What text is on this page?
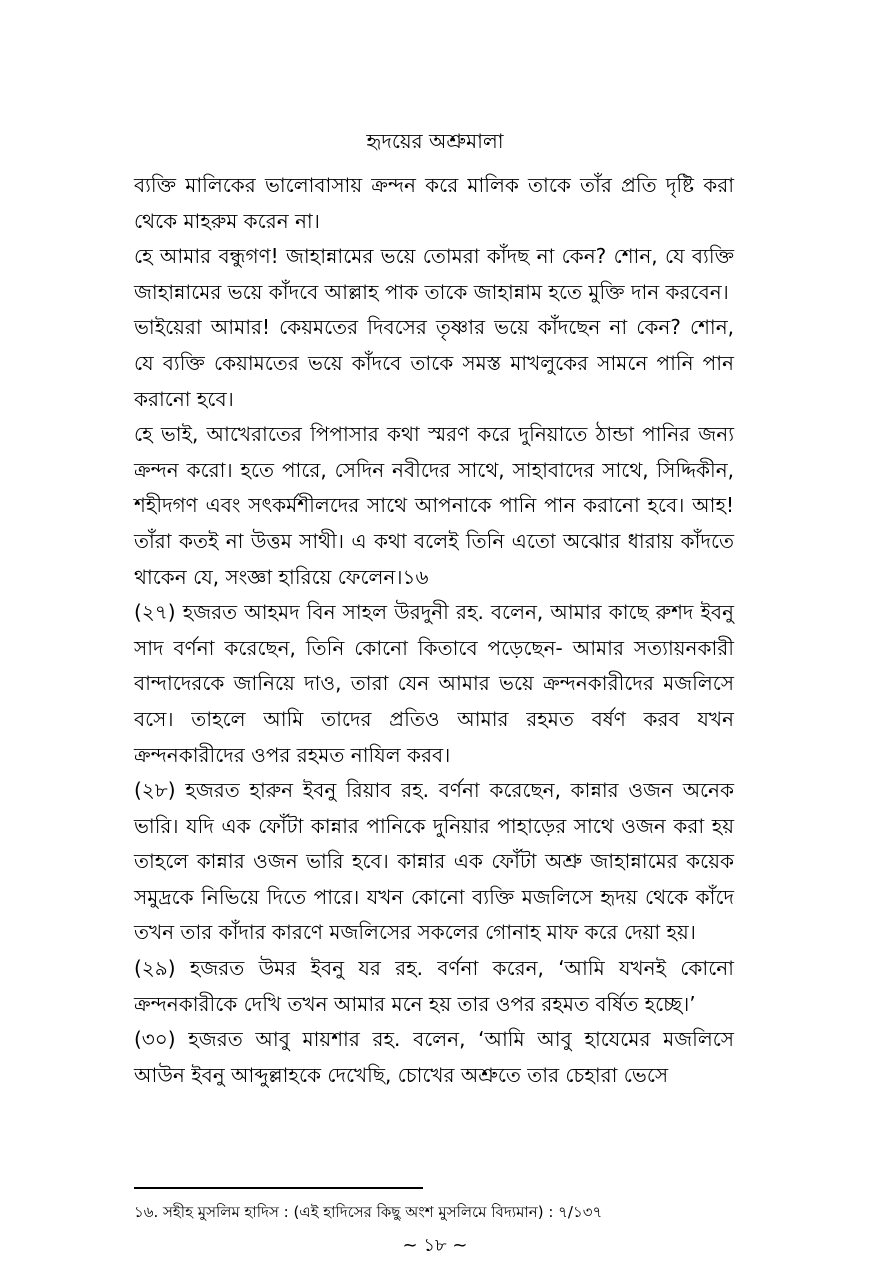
হৃদয়ের অশ্রুমালা

ব্যক্তি মালিকের ভালোবাসায় ক্রন্দন করে মালিক তাকে তাঁর প্রতি দৃষ্টি করা থেকে মাহরুম করেন না।

হে আমার বন্ধুগণ! জাহান্নামের ভয়ে তোমরা কাঁদছ না কেন? শোন, যে ব্যক্তি জাহান্নামের ভয়ে কাঁদবে আল্লাহ পাক তাকে জাহান্নাম হতে মুক্তি দান করবেন।

ভাইয়েরা আমার! কেয়মতের দিবসের তৃষ্ণার ভয়ে কাঁদছেন না কেন? শোন, যে ব্যক্তি কেয়ামতের ভয়ে কাঁদবে তাকে সমস্ত মাখলুকের সামনে পানি পান করানো হবে।

হে ভাই, আখেরাতের পিপাসার কথা স্মরণ করে দুনিয়াতে ঠান্ডা পানির জন্য ক্রন্দন করো। হতে পারে, সেদিন নবীদের সাথে, সাহাবাদের সাথে, সিদ্দিকীন, শহীদগণ এবং সৎকর্মশীলদের সাথে আপনাকে পানি পান করানো হবে। আহ! তাঁরা কতই না উত্তম সাথী। এ কথা বলেই তিনি এতো অঝোর ধারায় কাঁদতে থাকেন যে, সংজ্ঞা হারিয়ে ফেলেন।১৬

(২৭) হজরত আহমদ বিন সাহল উরদুনী রহ. বলেন, আমার কাছে রুশদ ইবনু সাদ বর্ণনা করেছেন, তিনি কোনো কিতাবে পড়েছেন- আমার সত্যায়নকারী বান্দাদেরকে জানিয়ে দাও, তারা যেন আমার ভয়ে ক্রন্দনকারীদের মজলিসে বসে। তাহলে আমি তাদের প্রতিও আমার রহমত বর্ষণ করব যখন ক্রন্দনকারীদের ওপর রহমত নাযিল করব।

(২৮) হজরত হারুন ইবনু রিয়াব রহ. বর্ণনা করেছেন, কান্নার ওজন অনেক ভারি। যদি এক ফোঁটা কান্নার পানিকে দুনিয়ার পাহাড়ের সাথে ওজন করা হয় তাহলে কান্নার ওজন ভারি হবে। কান্নার এক ফোঁটা অশ্রু জাহান্নামের কয়েক সমুদ্রকে নিভিয়ে দিতে পারে। যখন কোনো ব্যক্তি মজলিসে হৃদয় থেকে কাঁদে তখন তার কাঁদার কারণে মজলিসের সকলের গোনাহ মাফ করে দেয়া হয়।

(২৯) হজরত উমর ইবনু যর রহ. বর্ণনা করেন, ‘আমি যখনই কোনো ক্রন্দনকারীকে দেখি তখন আমার মনে হয় তার ওপর রহমত বর্ষিত হচ্ছে।’

(৩০) হজরত আবু মায়শার রহ. বলেন, ‘আমি আবু হাযেমের মজলিসে আউন ইবনু আব্দুল্লাহকে দেখেছি, চোখের অশ্রুতে তার চেহারা ভেসে

১৬. সহীহ মুসলিম হাদিস : (এই হাদিসের কিছু অংশ মুসলিমে বিদ্যমান) : ৭/১৩৭
~ ১৮ ~
